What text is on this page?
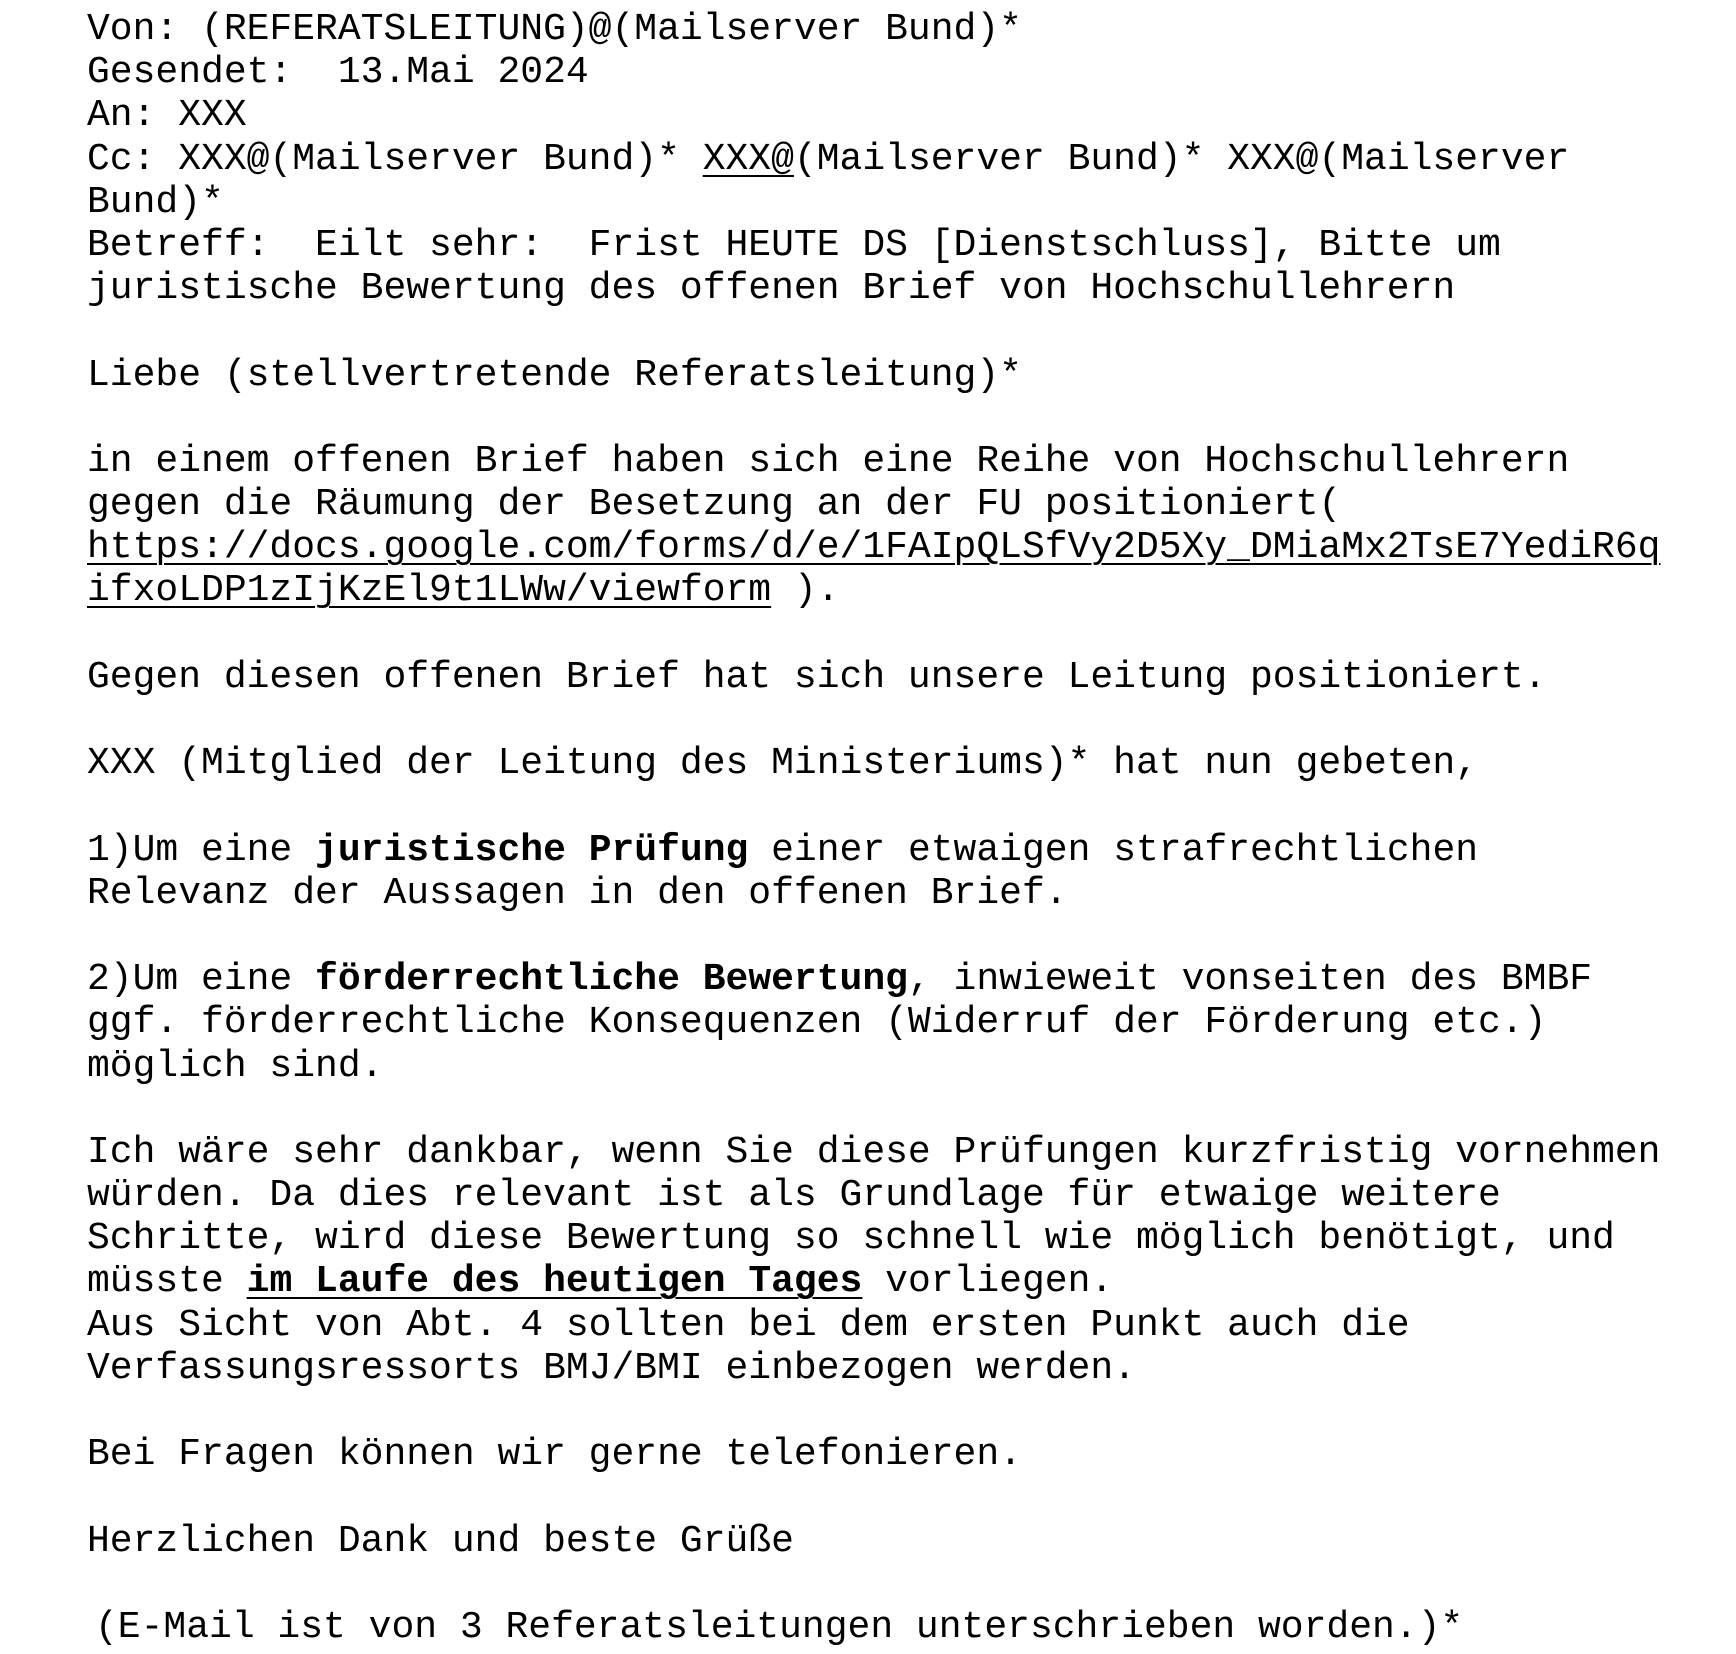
Von: (REFERATSLEITUNG)@(Mailserver Bund)*
Gesendet:  13.Mai 2024
An: XXX
Cc: XXX@(Mailserver Bund)* XXX@(Mailserver Bund)* XXX@(Mailserver
Bund)*
Betreff:  Eilt sehr:  Frist HEUTE DS [Dienstschluss], Bitte um
juristische Bewertung des offenen Brief von Hochschullehrern
Liebe (stellvertretende Referatsleitung)*
in einem offenen Brief haben sich eine Reihe von Hochschullehrern
gegen die Räumung der Besetzung an der FU positioniert(
https://docs.google.com/forms/d/e/1FAIpQLSfVy2D5Xy_DMiaMx2TsE7YediR6q
ifxoLDP1zIjKzEl9t1LWw/viewform ).
Gegen diesen offenen Brief hat sich unsere Leitung positioniert.
XXX (Mitglied der Leitung des Ministeriums)* hat nun gebeten,
1)Um eine juristische Prüfung einer etwaigen strafrechtlichen
Relevanz der Aussagen in den offenen Brief.
2)Um eine förderrechtliche Bewertung, inwieweit vonseiten des BMBF
ggf. förderrechtliche Konsequenzen (Widerruf der Förderung etc.)
möglich sind.
Ich wäre sehr dankbar, wenn Sie diese Prüfungen kurzfristig vornehmen
würden. Da dies relevant ist als Grundlage für etwaige weitere
Schritte, wird diese Bewertung so schnell wie möglich benötigt, und
müsste im Laufe des heutigen Tages vorliegen.
Aus Sicht von Abt. 4 sollten bei dem ersten Punkt auch die
Verfassungsressorts BMJ/BMI einbezogen werden.
Bei Fragen können wir gerne telefonieren.
Herzlichen Dank und beste Grüße
(E-Mail ist von 3 Referatsleitungen unterschrieben worden.)*
